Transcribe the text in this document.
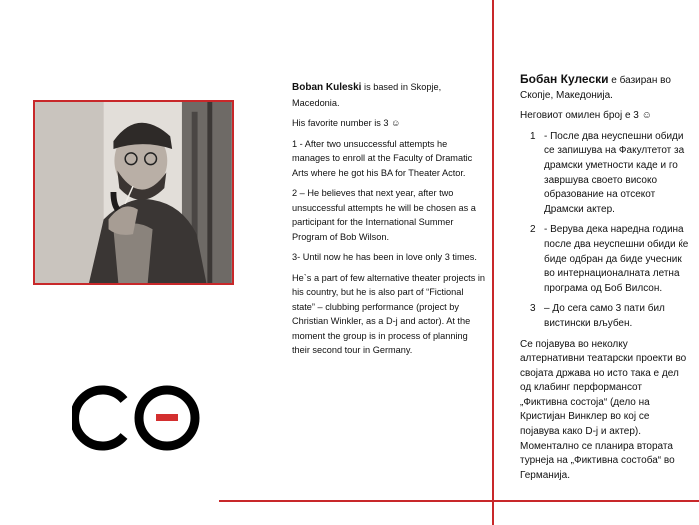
Boban Kuleski is based in Skopje, Macedonia.

His favorite number is 3 ☺

1 - After two unsuccessful attempts he manages to enroll at the Faculty of Dramatic Arts where he got his BA for Theater Actor.

2 – He believes that next year, after two unsuccessful attempts he will be chosen as a participant for the International Summer Program of Bob Wilson.

3- Until now he has been in love only 3 times.

He`s a part of few alternative theater projects in his country, but he is also part of “Fictional state” – clubbing performance (project by Christian Winkler, as a D-j and actor). At the moment the group is in process of planning their second tour in Germany.

Бобан Кулески е базиран во Скопје, Македонија.

Неговиот омилен број е 3 ☺

1 - После два неуспешни обиди се запишува на Факултетот за драмски уметности каде и го завршува своето високо образование на отсекот Драмски актер.
2 - Верува дека наредна година после два неуспешни обиди ќе биде одбран да биде учесник во интернационалната летна програма од Боб Вилсон.
3 – До сега само 3 пати бил вистински вљубен.

Се појавува во неколку алтернативни театарски проекти во својата држава но исто така е дел од клабинг перформансот „Фиктивна состоја“ (дело на Кристијан Винклер во кој се појавува како D-j и актер). Моментално се планира втората турнеја на „Фиктивна состоба“ во Германија.
